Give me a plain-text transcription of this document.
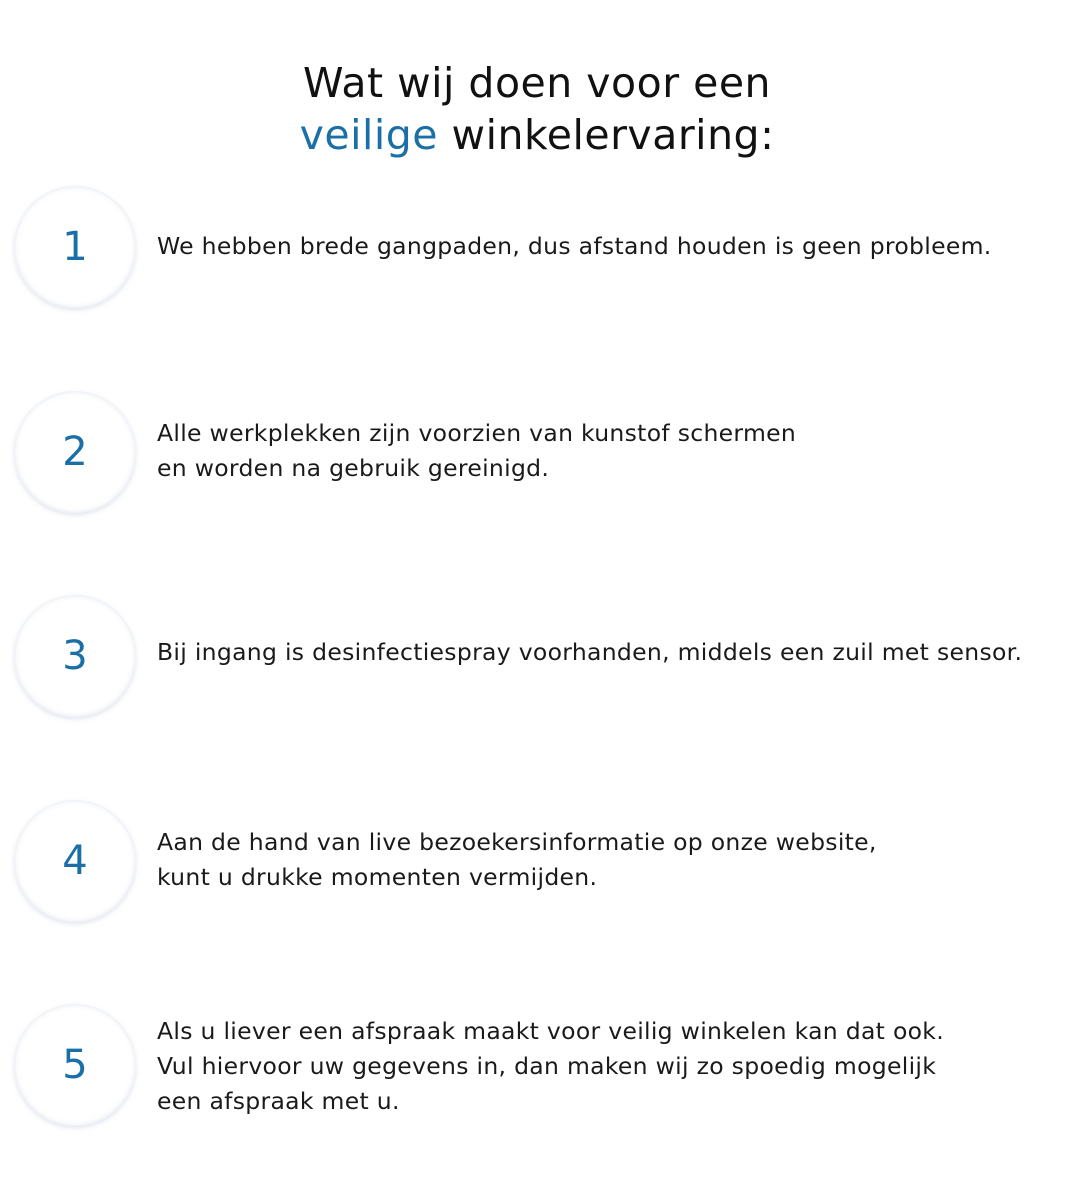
Wat wij doen voor een
veilige winkelervaring:
1	We hebben brede gangpaden, dus afstand houden is geen probleem.
2	Alle werkplekken zijn voorzien van kunstof schermen
en worden na gebruik gereinigd.
3	Bij ingang is desinfectiespray voorhanden, middels een zuil met sensor.
4	Aan de hand van live bezoekersinformatie op onze website,
kunt u drukke momenten vermijden.
5
Als u liever een afspraak maakt voor veilig winkelen kan dat ook.
Vul hiervoor uw gegevens in, dan maken wij zo spoedig mogelijk
een afspraak met u.
